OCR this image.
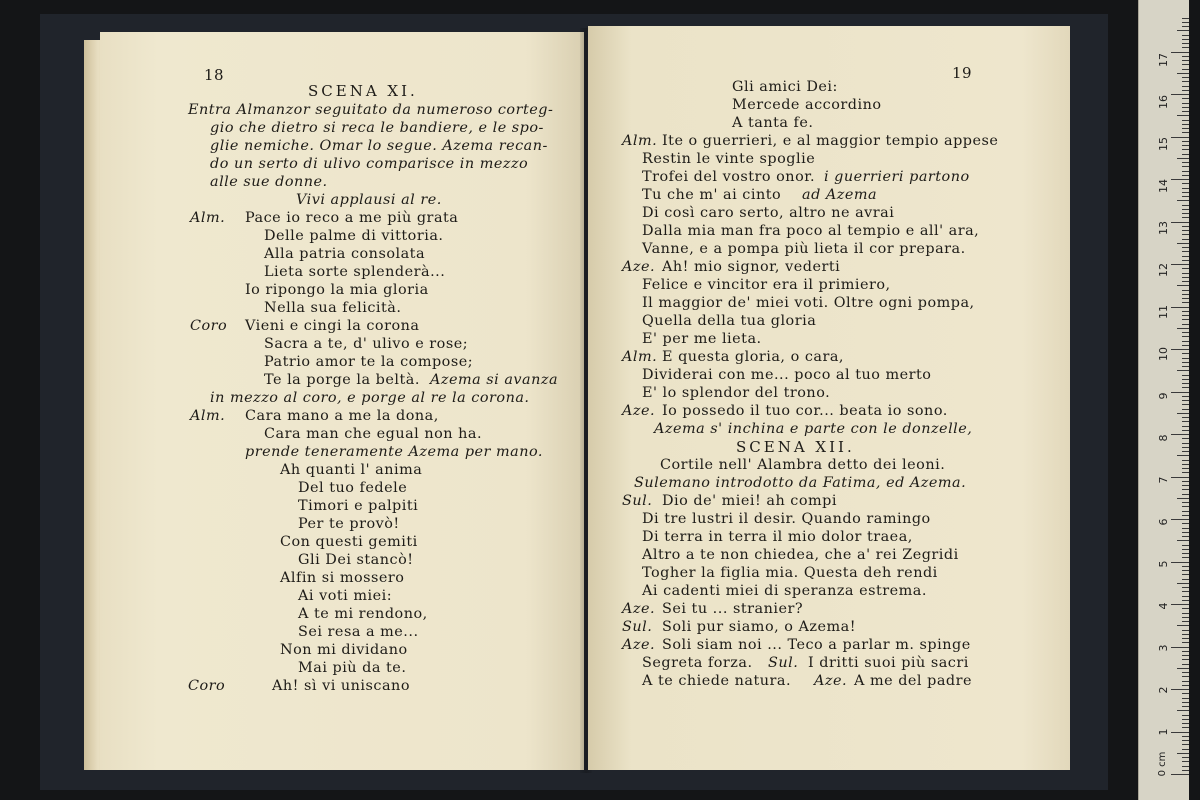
18
SCENA XI.
Entra Almanzor seguitato da numeroso corteg-
gio che dietro si reca le bandiere, e le spo-
glie nemiche. Omar lo segue. Azema recan-
do un serto di ulivo comparisce in mezzo
alle sue donne.
Vivi applausi al re.
Alm. Pace io reco a me più grata
Delle palme di vittoria.
Alla patria consolata
Lieta sorte splenderà...
Io ripongo la mia gloria
Nella sua felicità.
Coro Vieni e cingi la corona
Sacra a te, d' ulivo e rose;
Patrio amor te la compose;
Te la porge la beltà. Azema si avanza
in mezzo al coro, e porge al re la corona.
Alm. Cara mano a me la dona,
Cara man che egual non ha.
prende teneramente Azema per mano.
Ah quanti l' anima
Del tuo fedele
Timori e palpiti
Per te provò!
Con questi gemiti
Gli Dei stancò!
Alfin si mossero
Ai voti miei:
A te mi rendono,
Sei resa a me...
Non mi dividano
Mai più da te.
Coro	Ah! sì vi uniscano
19
Gli amici Dei:
Mercede accordino
A tanta fe.
Alm. Ite o guerrieri, e al maggior tempio appese
Restin le vinte spoglie
Trofei del vostro onor. i guerrieri partono
Tu che m' ai cinto ad Azema
Di così caro serto, altro ne avrai
Dalla mia man fra poco al tempio e all' ara,
Vanne, e a pompa più lieta il cor prepara.
Aze. Ah! mio signor, vederti
Felice e vincitor era il primiero,
Il maggior de' miei voti. Oltre ogni pompa,
Quella della tua gloria
E' per me lieta.
Alm. E questa gloria, o cara,
Dividerai con me... poco al tuo merto
E' lo splendor del trono.
Aze. Io possedo il tuo cor... beata io sono.
Azema s' inchina e parte con le donzelle,
SCENA XII.
Cortile nell' Alambra detto dei leoni.
Sulemano introdotto da Fatima, ed Azema.
Sul. Dio de' miei! ah compi
Di tre lustri il desir. Quando ramingo
Di terra in terra il mio dolor traea,
Altro a te non chiedea, che a' rei Zegridi
Togher la figlia mia. Questa deh rendi
Ai cadenti miei di speranza estrema.
Aze. Sei tu ... stranier?
Sul. Soli pur siamo, o Azema!
Aze. Soli siam noi ... Teco a parlar m. spinge
Segreta forza. Sul. I dritti suoi più sacri
A te chiede natura. Aze. A me del padre
0 cm
1
2
3
4
5
6
7
8
9
10
11
12
13
14
15
16
17
